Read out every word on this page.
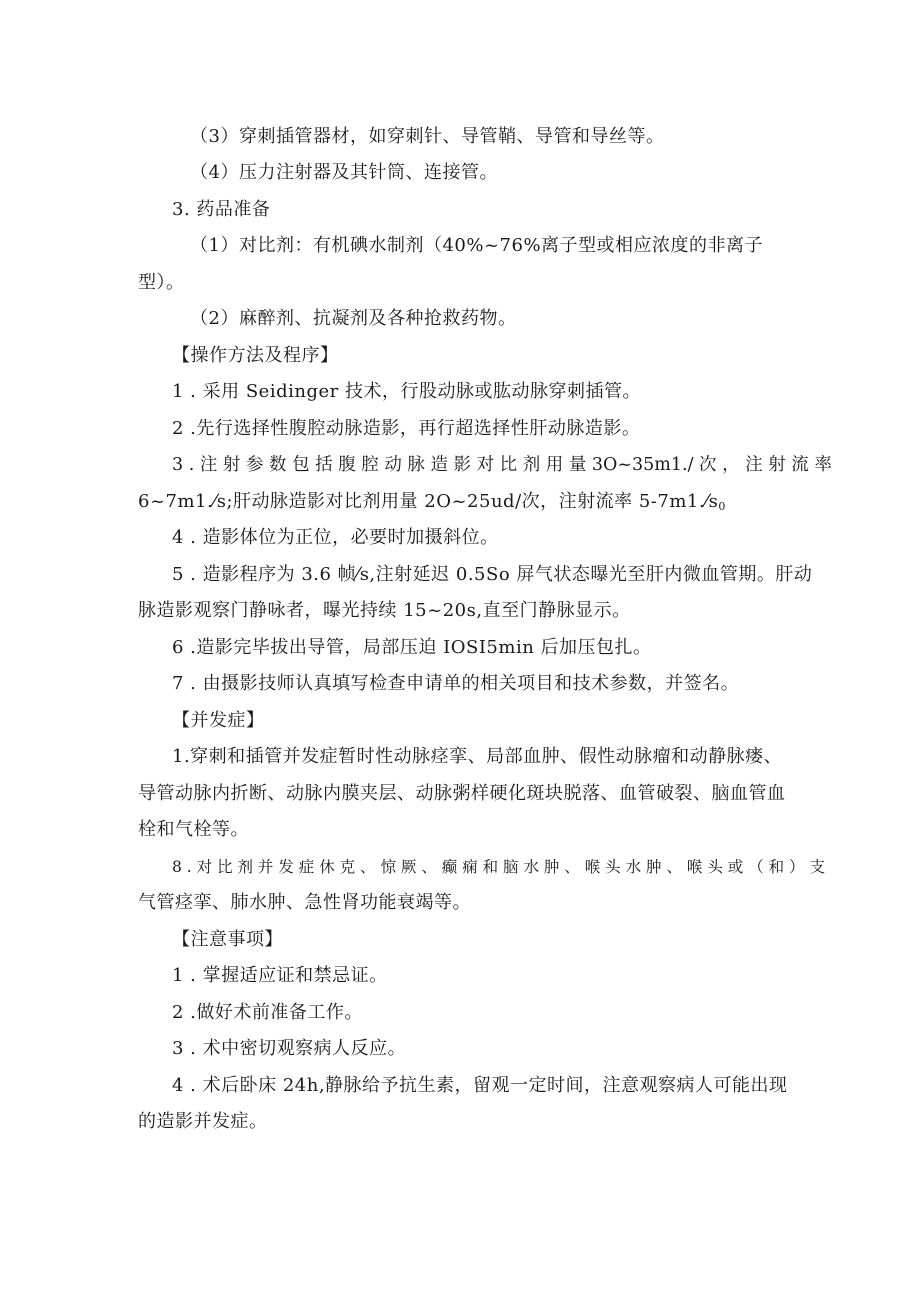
（3）穿刺插管器材，如穿刺针、导管鞘、导管和导丝等。
（4）压力注射器及其针筒、连接管。
3. 药品准备
（1）对比剂：有机碘水制剂（40%~76%离子型或相应浓度的非离子
型）。
（2）麻醉剂、抗凝剂及各种抢救药物。
【操作方法及程序】
1 . 采用 Seidinger 技术，行股动脉或肱动脉穿刺插管。
2 .先行选择性腹腔动脉造影，再行超选择性肝动脉造影。
3 . 注 射 参 数 包 括 腹 腔 动 脉 造 影 对 比 剂 用 量 3O~35m1./ 次 ， 注 射 流 率
6~7m1.⁄s;肝动脉造影对比剂用量 2O~25ud/次，注射流率 $5-7m1.⁄s_0$
4 . 造影体位为正位，必要时加摄斜位。
5 . 造影程序为 3.6 帧⁄s,注射延迟 0.5So 屏气状态曝光至肝内微血管期。肝动
脉造影观察门静咏者，曝光持续 15~20s,直至门静脉显示。
6 .造影完毕拔出导管，局部压迫 IOSI5min 后加压包扎。
7 . 由摄影技师认真填写检查申请单的相关项目和技术参数，并签名。
【并发症】
1.穿刺和插管并发症暂时性动脉痉挛、局部血肿、假性动脉瘤和动静脉瘘、
导管动脉内折断、动脉内膜夹层、动脉粥样硬化斑块脱落、血管破裂、脑血管血
栓和气栓等。
8 . 对 比 剂 并 发 症 休 克 、 惊 厥 、 癫 痫 和 脑 水 肿 、 喉 头 水 肿 、 喉 头 或 （ 和 ） 支
气管痉挛、肺水肿、急性肾功能衰竭等。
【注意事项】
1 . 掌握适应证和禁忌证。
2 .做好术前准备工作。
3 . 术中密切观察病人反应。
4 . 术后卧床 24h,静脉给予抗生素，留观一定时间，注意观察病人可能出现
的造影并发症。
